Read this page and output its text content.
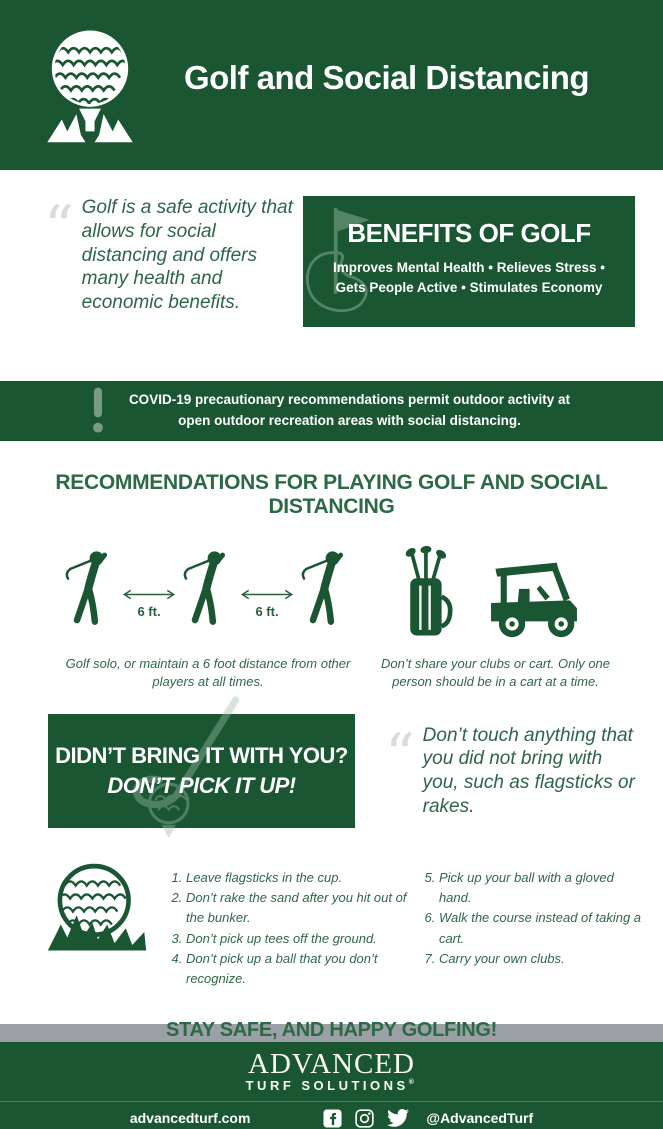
Golf and Social Distancing
“ Golf is a safe activity that allows for social distancing and offers many health and economic benefits.
BENEFITS OF GOLF
Improves Mental Health • Relieves Stress • Gets People Active • Stimulates Economy
COVID-19 precautionary recommendations permit outdoor activity at open outdoor recreation areas with social distancing.
RECOMMENDATIONS FOR PLAYING GOLF AND SOCIAL DISTANCING
6 ft.	6 ft.
Golf solo, or maintain a 6 foot distance from other players at all times.
Don’t share your clubs or cart. Only one person should be in a cart at a time.
DIDN’T BRING IT WITH YOU?
DON’T PICK IT UP!	“ Don’t touch anything that you did not bring with you, such as flagsticks or rakes.
1. Leave flagsticks in the cup.
2. Don’t rake the sand after you hit out of the bunker.
3. Don’t pick up tees off the ground.
4. Don’t pick up a ball that you don’t recognize.
5. Pick up your ball with a gloved hand.
6. Walk the course instead of taking a cart.
7. Carry your own clubs.
STAY SAFE, AND HAPPY GOLFING!
ADVANCED
TURF SOLUTIONS®
advancedturf.com	@AdvancedTurf
